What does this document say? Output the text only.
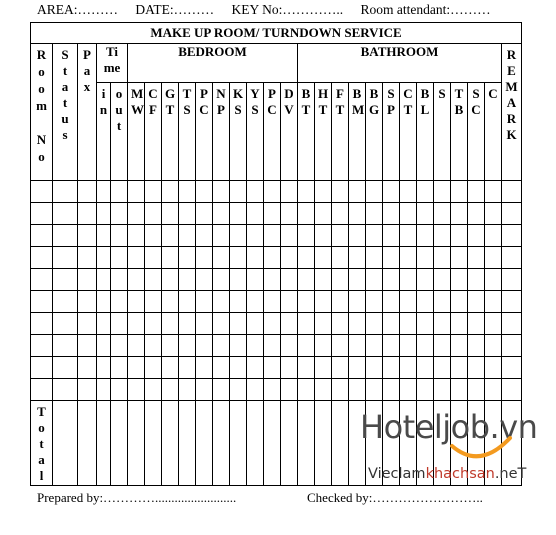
AREA:……… DATE:……… KEY No:………….. Room attendant:………
MAKE UP ROOM/ TURNDOWN SERVICE																											

Room No	Status	Pax	Time		BEDROOM										BATHROOM												REMARK

			in	out	MW	CF	GT	TS	PC	NP	KS	YS	PC	DV	BT	HT	FT	BM	BG	SP	CT	BL	S	TB	SC	C	

Total																											

Prepared by:………….........................	Checked by:……………………..
Hoteljob.vn
Vieclamkhachsan.neT
